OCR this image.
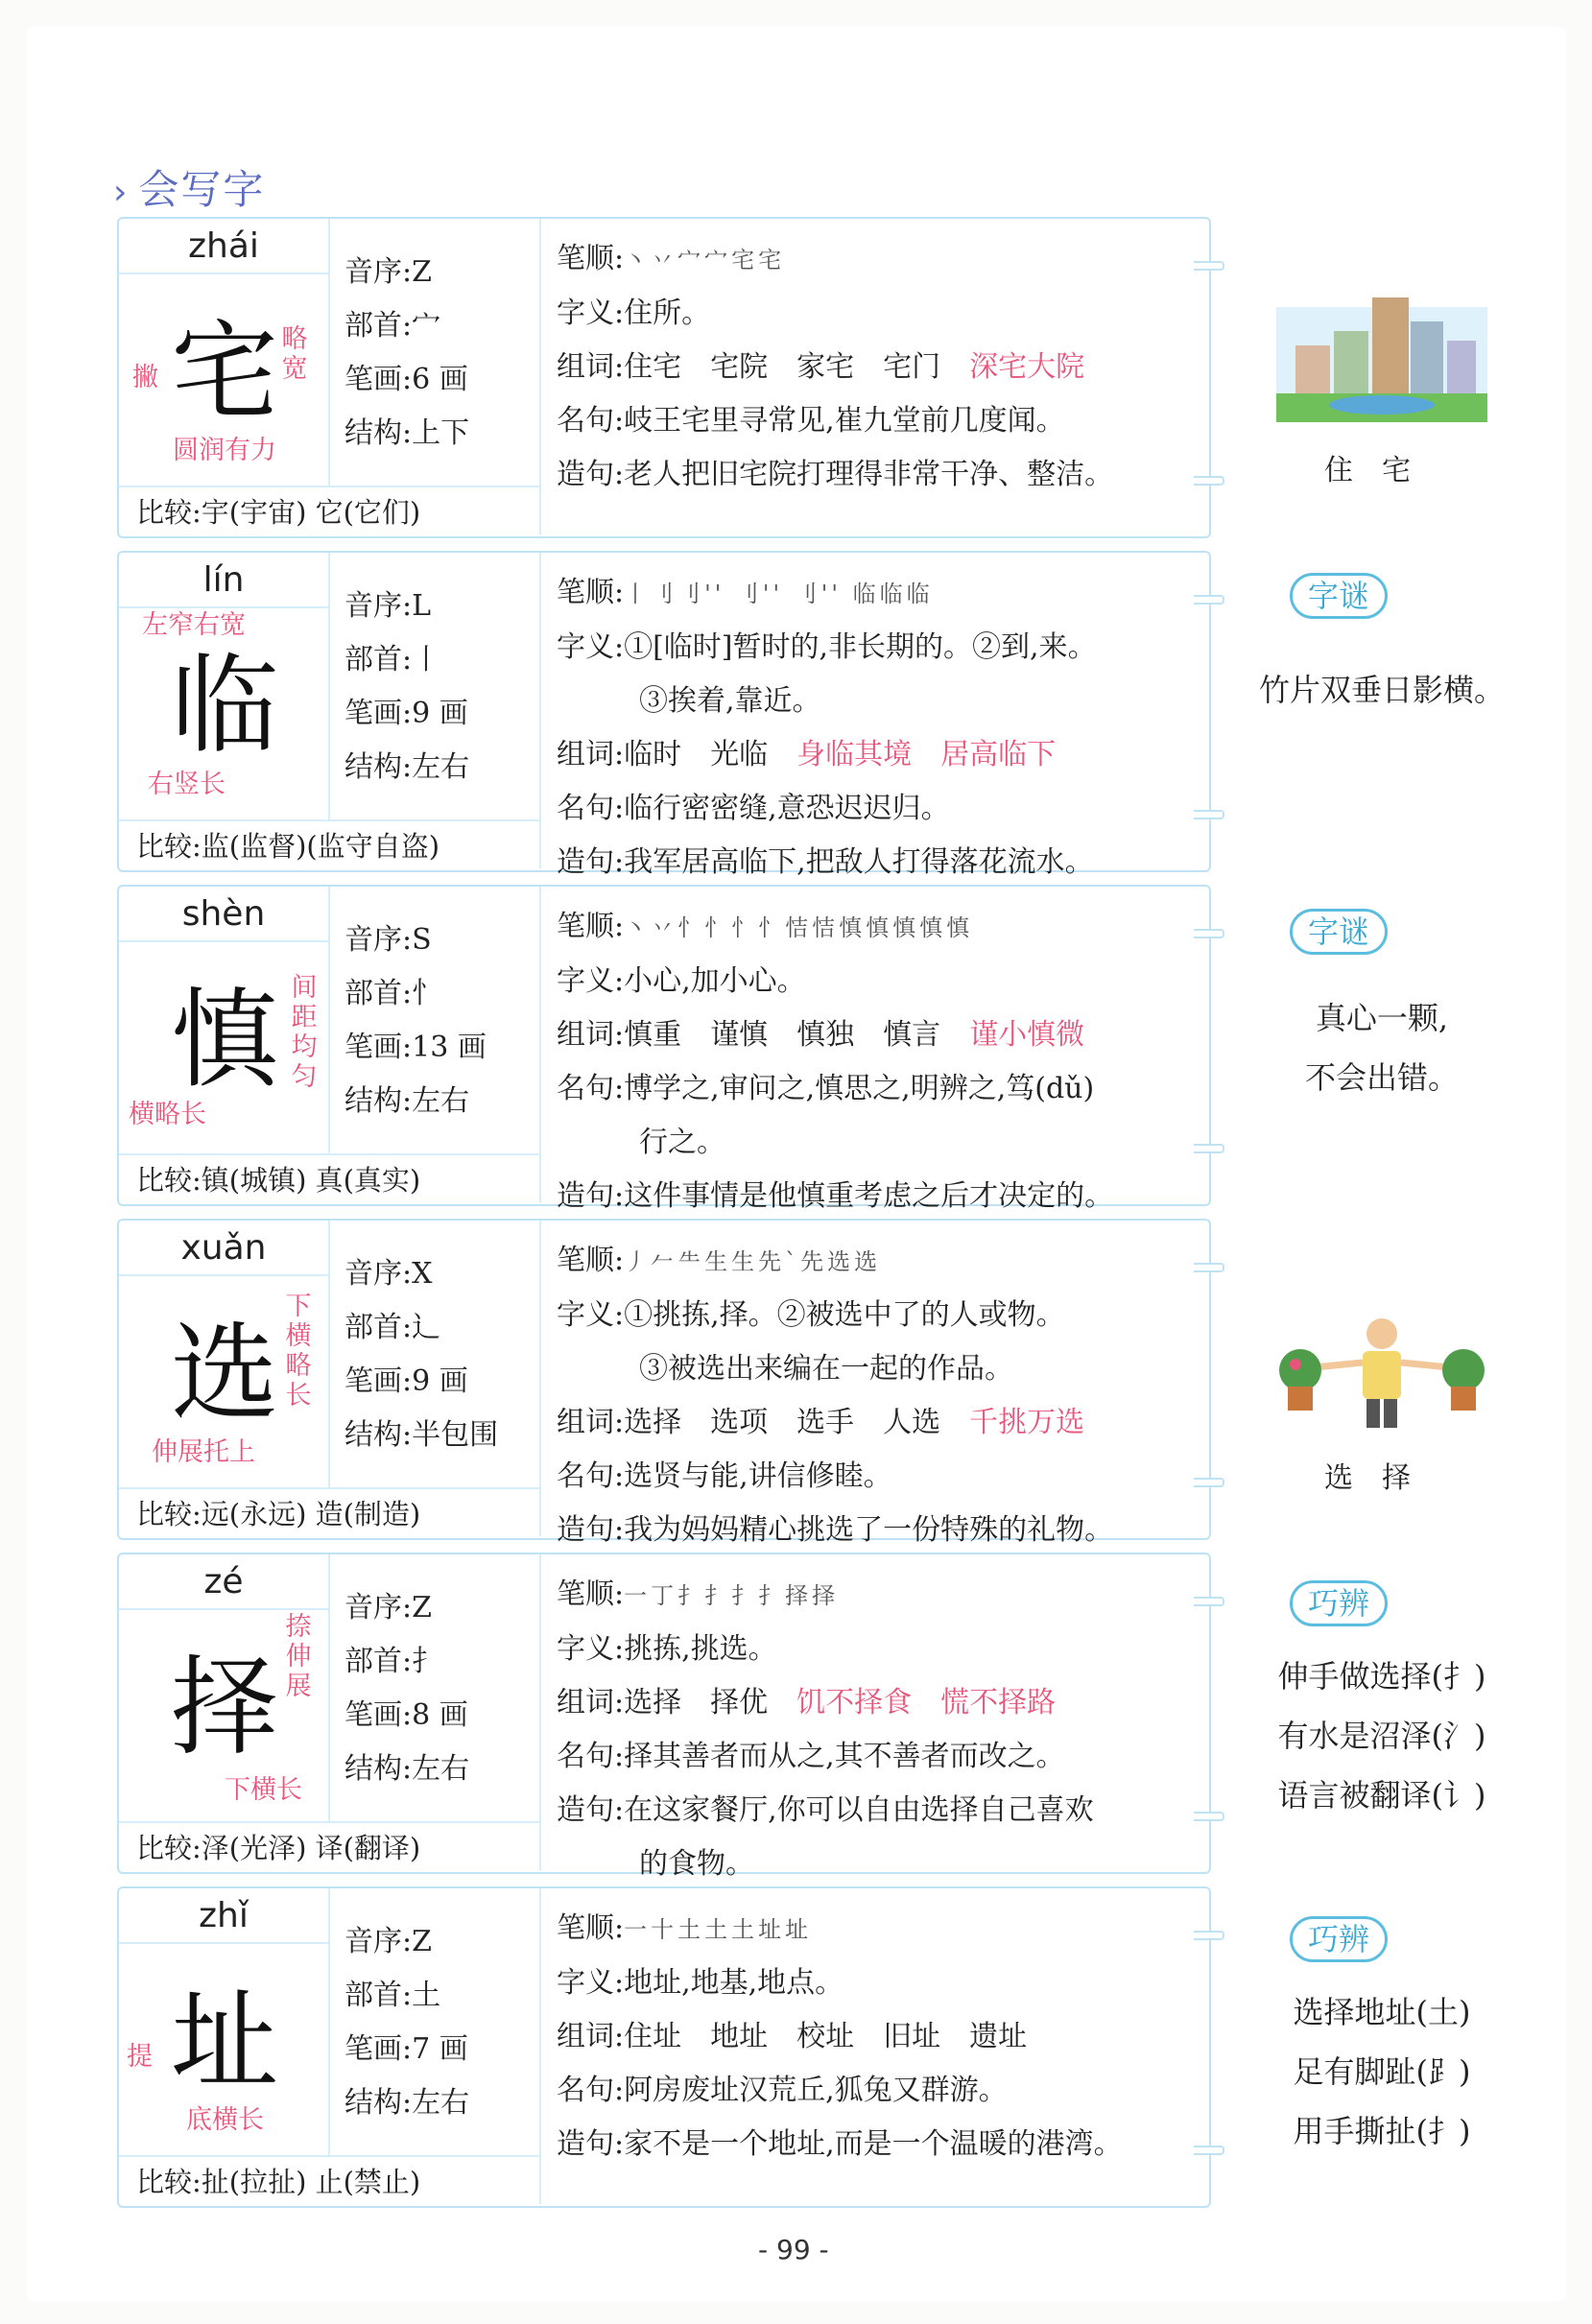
› 会写字
zhái
宅 略宽
撇
圆润有力
音序:Z
部首:宀
笔画:6 画
结构:上下
比较:宇(宇宙) 它(它们)
笔顺:丶丷宀宀宅宅
字义:住所。
组词:住宅 宅院 家宅 宅门 深宅大院
名句:岐王宅里寻常见,崔九堂前几度闻。
造句:老人把旧宅院打理得非常干净、整洁。
lín
临
左窄右宽
右竖长
音序:L
部首:丨
笔画:9 画
结构:左右
比较:监(监督)(监守自盗)
笔顺:丨刂刂'' 刂'' 刂'' 临临临
字义:①[临时]暂时的,非长期的。②到,来。
③挨着,靠近。
组词:临时 光临 身临其境 居高临下
名句:临行密密缝,意恐迟迟归。
造句:我军居高临下,把敌人打得落花流水。
shèn
慎 间距均匀
横略长
音序:S
部首:忄
笔画:13 画
结构:左右
比较:镇(城镇) 真(真实)
笔顺:丶丷忄忄忄忄恄恄慎慎慎慎慎
字义:小心,加小心。
组词:慎重 谨慎 慎独 慎言 谨小慎微
名句:博学之,审问之,慎思之,明辨之,笃(dǔ)
行之。
造句:这件事情是他慎重考虑之后才决定的。
xuǎn
选
下横略长
伸展托上
音序:X
部首:辶
笔画:9 画
结构:半包围
比较:远(永远) 造(制造)
笔顺:丿𠂉⺧生生先`先选选
字义:①挑拣,择。②被选中了的人或物。
③被选出来编在一起的作品。
组词:选择 选项 选手 人选 千挑万选
名句:选贤与能,讲信修睦。
造句:我为妈妈精心挑选了一份特殊的礼物。
zé
择
捺伸展
下横长
音序:Z
部首:扌
笔画:8 画
结构:左右
比较:泽(光泽) 译(翻译)
笔顺:一丁扌扌扌扌择择
字义:挑拣,挑选。
组词:选择 择优 饥不择食 慌不择路
名句:择其善者而从之,其不善者而改之。
造句:在这家餐厅,你可以自由选择自己喜欢
的食物。
zhǐ
址
提
底横长
音序:Z
部首:土
笔画:7 画
结构:左右
比较:扯(拉扯) 止(禁止)
笔顺:一十土土土址址
字义:地址,地基,地点。
组词:住址 地址 校址 旧址 遗址
名句:阿房废址汉荒丘,狐兔又群游。
造句:家不是一个地址,而是一个温暖的港湾。
住宅
字谜
竹片双垂日影横。
字谜
真心一颗,
不会出错。
选择
巧辨
伸手做选择(扌)
有水是沼泽(氵)
语言被翻译(讠)
巧辨
选择地址(土)
足有脚趾(⻊)
用手撕扯(扌)
- 99 -
